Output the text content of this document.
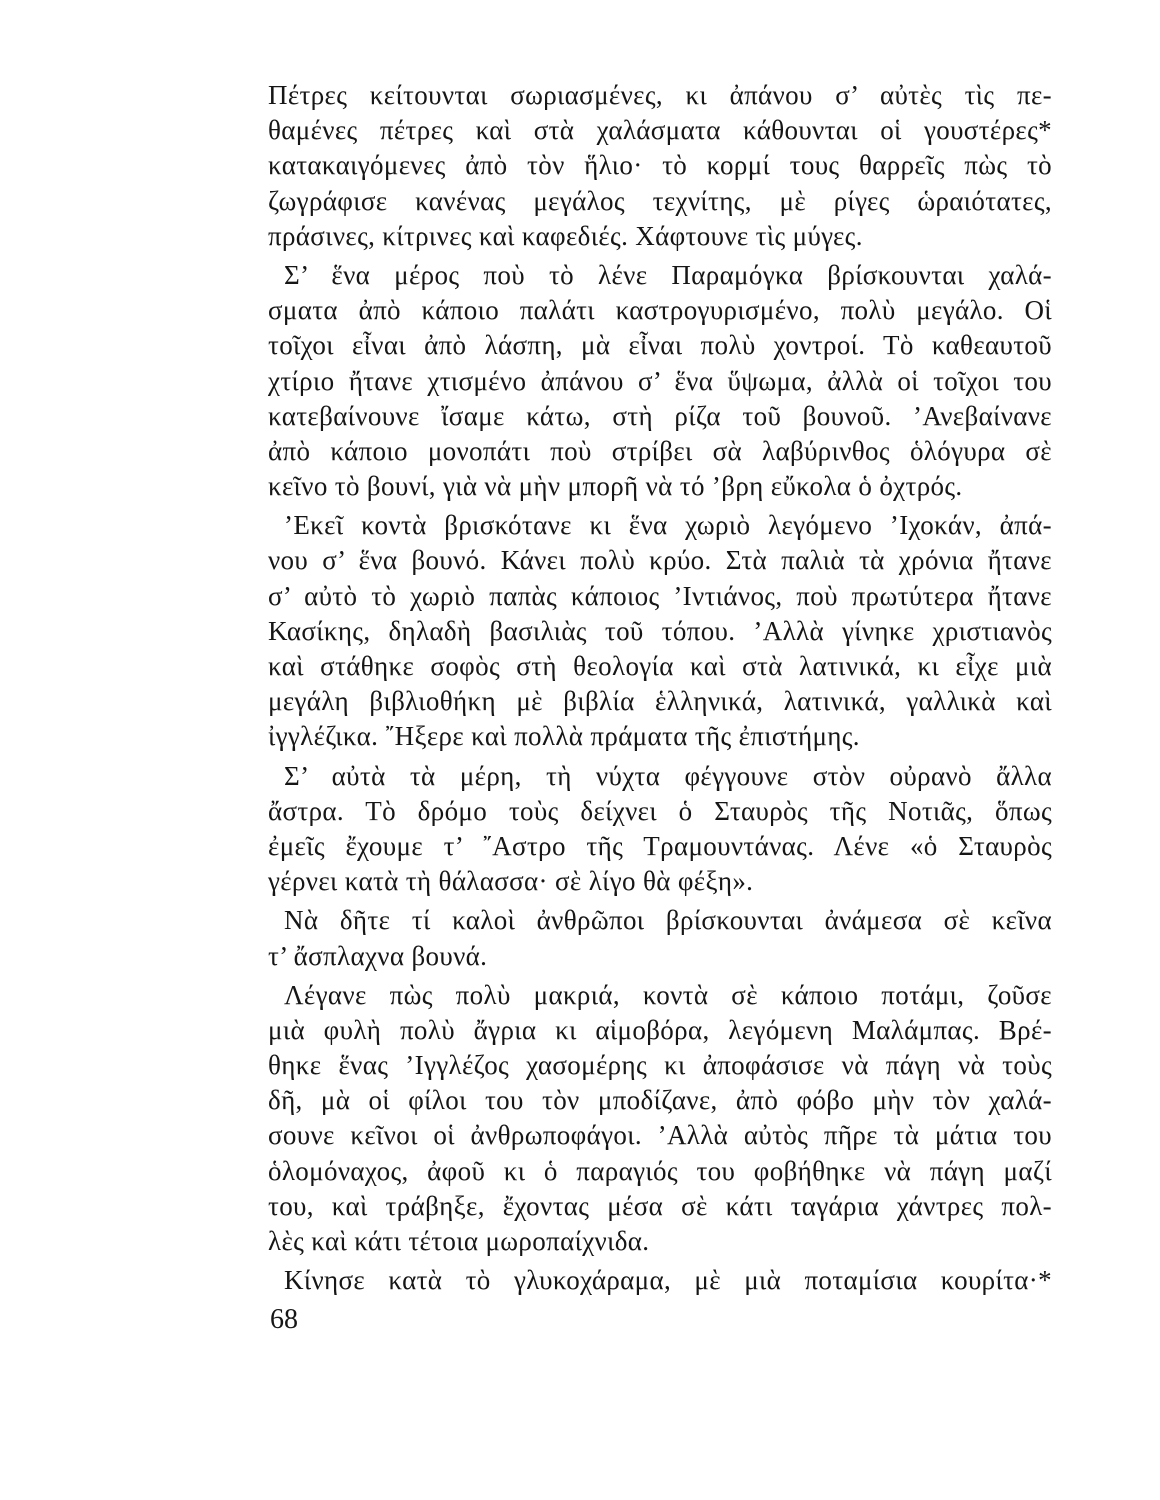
Πέτρες κείτουνται σωριασμένες, κι ἀπάνου σ’ αὐτὲς τὶς πε-
θαμένες πέτρες καὶ στὰ χαλάσματα κάθουνται οἱ γουστέρες*
κατακαιγόμενες ἀπὸ τὸν ἥλιο· τὸ κορμί τους θαρρεῖς πὼς τὸ
ζωγράφισε κανένας μεγάλος τεχνίτης, μὲ ρίγες ὡραιότατες,
πράσινες, κίτρινες καὶ καφεδιές. Χάφτουνε τὶς μύγες.
Σ’ ἕνα μέρος ποὺ τὸ λένε Παραμόγκα βρίσκουνται χαλά-
σματα ἀπὸ κάποιο παλάτι καστρογυρισμένο, πολὺ μεγάλο. Οἱ
τοῖχοι εἶναι ἀπὸ λάσπη, μὰ εἶναι πολὺ χοντροί. Τὸ καθεαυτοῦ
χτίριο ἤτανε χτισμένο ἀπάνου σ’ ἕνα ὕψωμα, ἀλλὰ οἱ τοῖχοι του
κατεβαίνουνε ἴσαμε κάτω, στὴ ρίζα τοῦ βουνοῦ. ’Ανεβαίνανε
ἀπὸ κάποιο μονοπάτι ποὺ στρίβει σὰ λαβύρινθος ὁλόγυρα σὲ
κεῖνο τὸ βουνί, γιὰ νὰ μὴν μπορῆ νὰ τό ’βρη εὔκολα ὁ ὀχτρός.
’Εκεῖ κοντὰ βρισκότανε κι ἕνα χωριὸ λεγόμενο ’Ιχοκάν, ἀπά-
νου σ’ ἕνα βουνό. Κάνει πολὺ κρύο. Στὰ παλιὰ τὰ χρόνια ἤτανε
σ’ αὐτὸ τὸ χωριὸ παπὰς κάποιος ’Ιντιάνος, ποὺ πρωτύτερα ἤτανε
Κασίκης, δηλαδὴ βασιλιὰς τοῦ τόπου. ’Αλλὰ γίνηκε χριστιανὸς
καὶ στάθηκε σοφὸς στὴ θεολογία καὶ στὰ λατινικά, κι εἶχε μιὰ
μεγάλη βιβλιοθήκη μὲ βιβλία ἑλληνικά, λατινικά, γαλλικὰ καὶ
ἰγγλέζικα. ῎Ηξερε καὶ πολλὰ πράματα τῆς ἐπιστήμης.
Σ’ αὐτὰ τὰ μέρη, τὴ νύχτα φέγγουνε στὸν οὐρανὸ ἄλλα
ἄστρα. Τὸ δρόμο τοὺς δείχνει ὁ Σταυρὸς τῆς Νοτιᾶς, ὅπως
ἐμεῖς ἔχουμε τ’ ῎Αστρο τῆς Τραμουντάνας. Λένε «ὁ Σταυρὸς
γέρνει κατὰ τὴ θάλασσα· σὲ λίγο θὰ φέξη».
Νὰ δῆτε τί καλοὶ ἀνθρῶποι βρίσκουνται ἀνάμεσα σὲ κεῖνα
τ’ ἄσπλαχνα βουνά.
Λέγανε πὼς πολὺ μακριά, κοντὰ σὲ κάποιο ποτάμι, ζοῦσε
μιὰ φυλὴ πολὺ ἄγρια κι αἱμοβόρα, λεγόμενη Μαλάμπας. Βρέ-
θηκε ἕνας ’Ιγγλέζος χασομέρης κι ἀποφάσισε νὰ πάγη νὰ τοὺς
δῆ, μὰ οἱ φίλοι του τὸν μποδίζανε, ἀπὸ φόβο μὴν τὸν χαλά-
σουνε κεῖνοι οἱ ἀνθρωποφάγοι. ’Αλλὰ αὐτὸς πῆρε τὰ μάτια του
ὁλομόναχος, ἀφοῦ κι ὁ παραγιός του φοβήθηκε νὰ πάγη μαζί
του, καὶ τράβηξε, ἔχοντας μέσα σὲ κάτι ταγάρια χάντρες πολ-
λὲς καὶ κάτι τέτοια μωροπαίχνιδα.
Κίνησε κατὰ τὸ γλυκοχάραμα, μὲ μιὰ ποταμίσια κουρίτα·*
68
